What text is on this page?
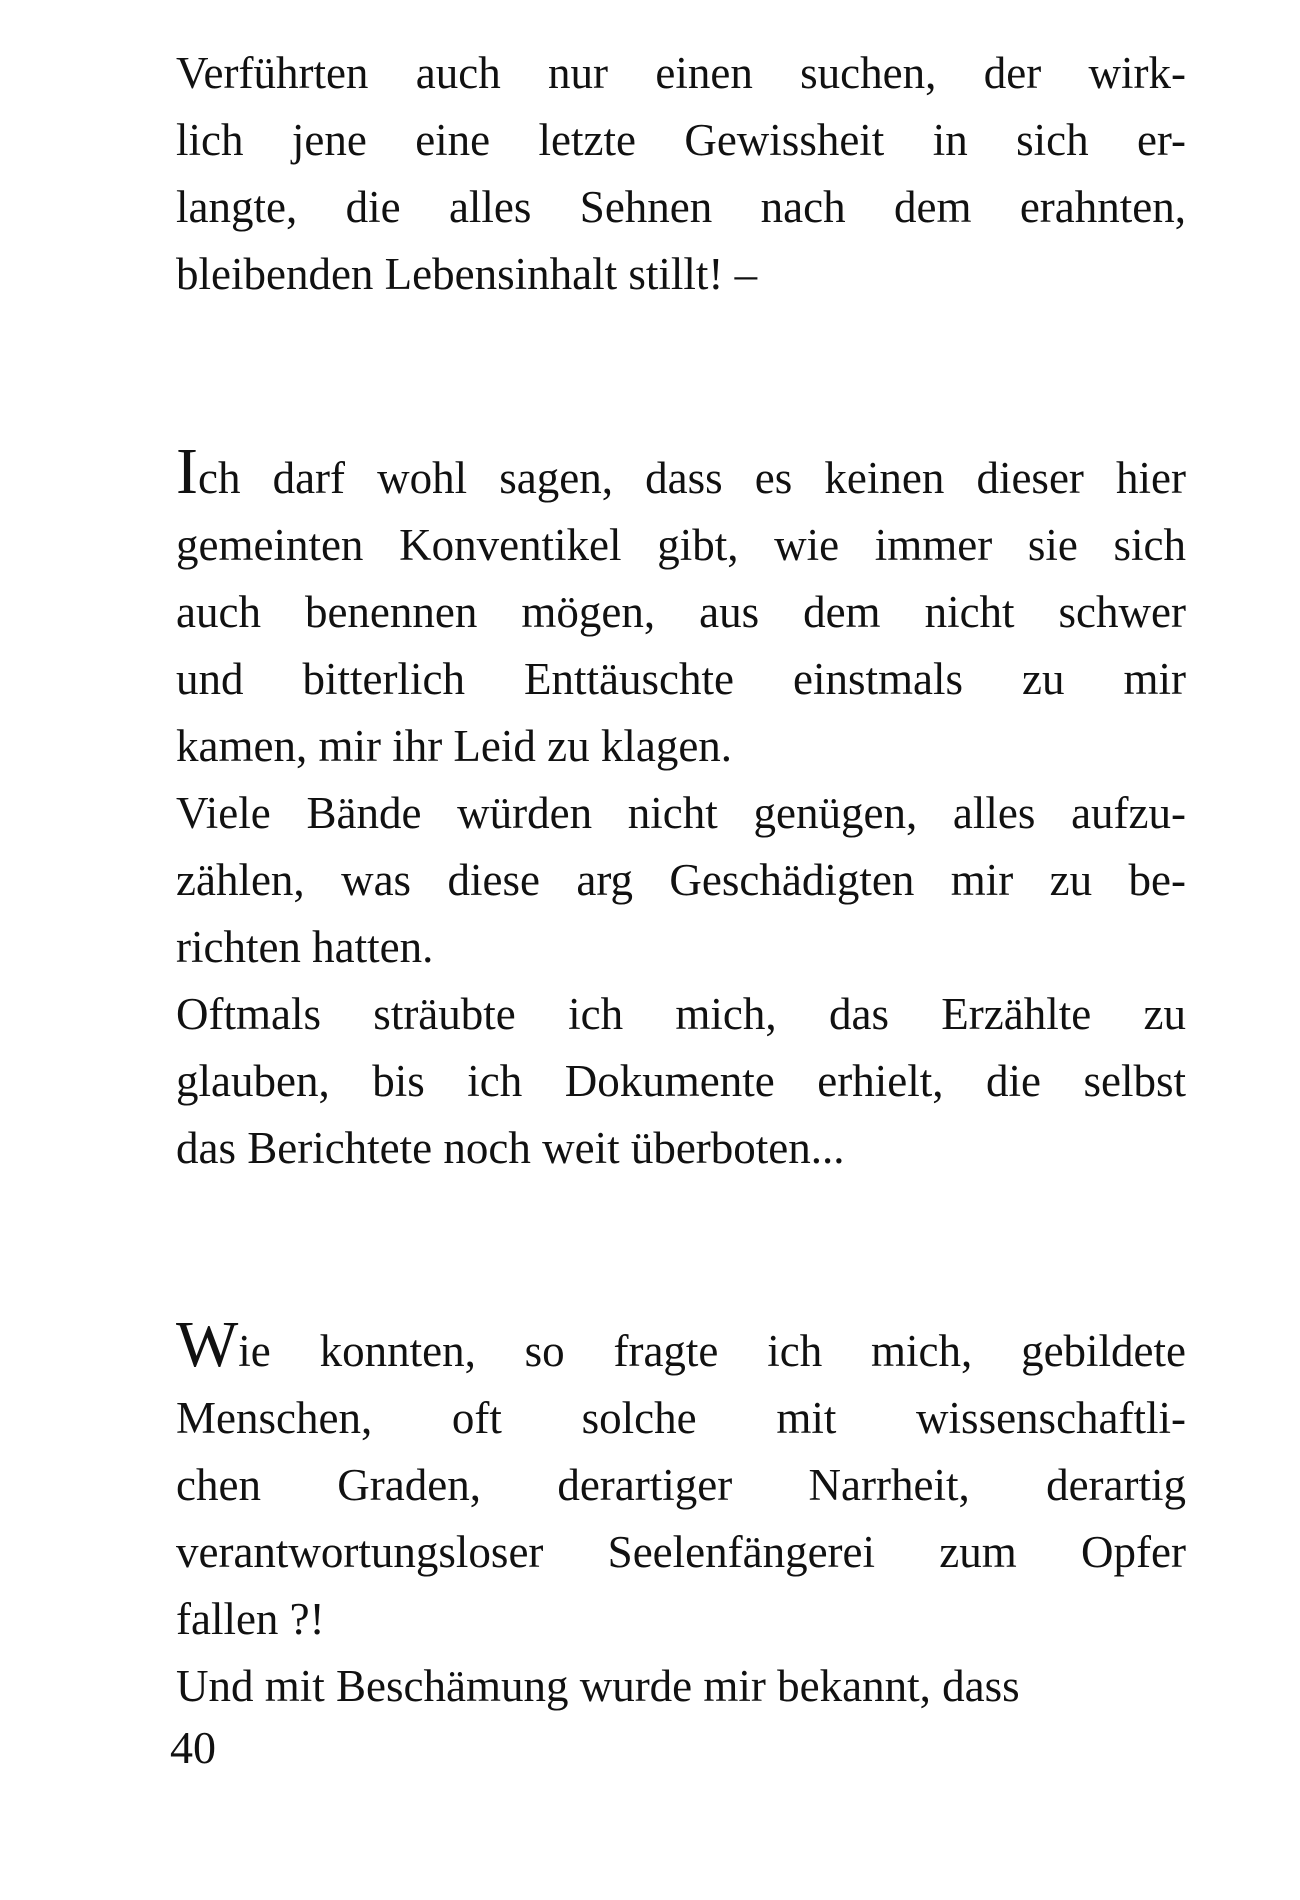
Verführten auch nur einen suchen, der wirk-
lich jene eine letzte Gewissheit in sich er-
langte, die alles Sehnen nach dem erahnten,
bleibenden Lebensinhalt stillt! –
Ich darf wohl sagen, dass es keinen dieser hier
gemeinten Konventikel gibt, wie immer sie sich
auch benennen mögen, aus dem nicht schwer
und bitterlich Enttäuschte einstmals zu mir
kamen, mir ihr Leid zu klagen.
Viele Bände würden nicht genügen, alles aufzu-
zählen, was diese arg Geschädigten mir zu be-
richten hatten.
Oftmals sträubte ich mich, das Erzählte zu
glauben, bis ich Dokumente erhielt, die selbst
das Berichtete noch weit überboten...
Wie konnten, so fragte ich mich, gebildete
Menschen, oft solche mit wissenschaftli-
chen Graden, derartiger Narrheit, derartig
verantwortungsloser Seelenfängerei zum Opfer
fallen ?!
Und mit Beschämung wurde mir bekannt, dass
40
